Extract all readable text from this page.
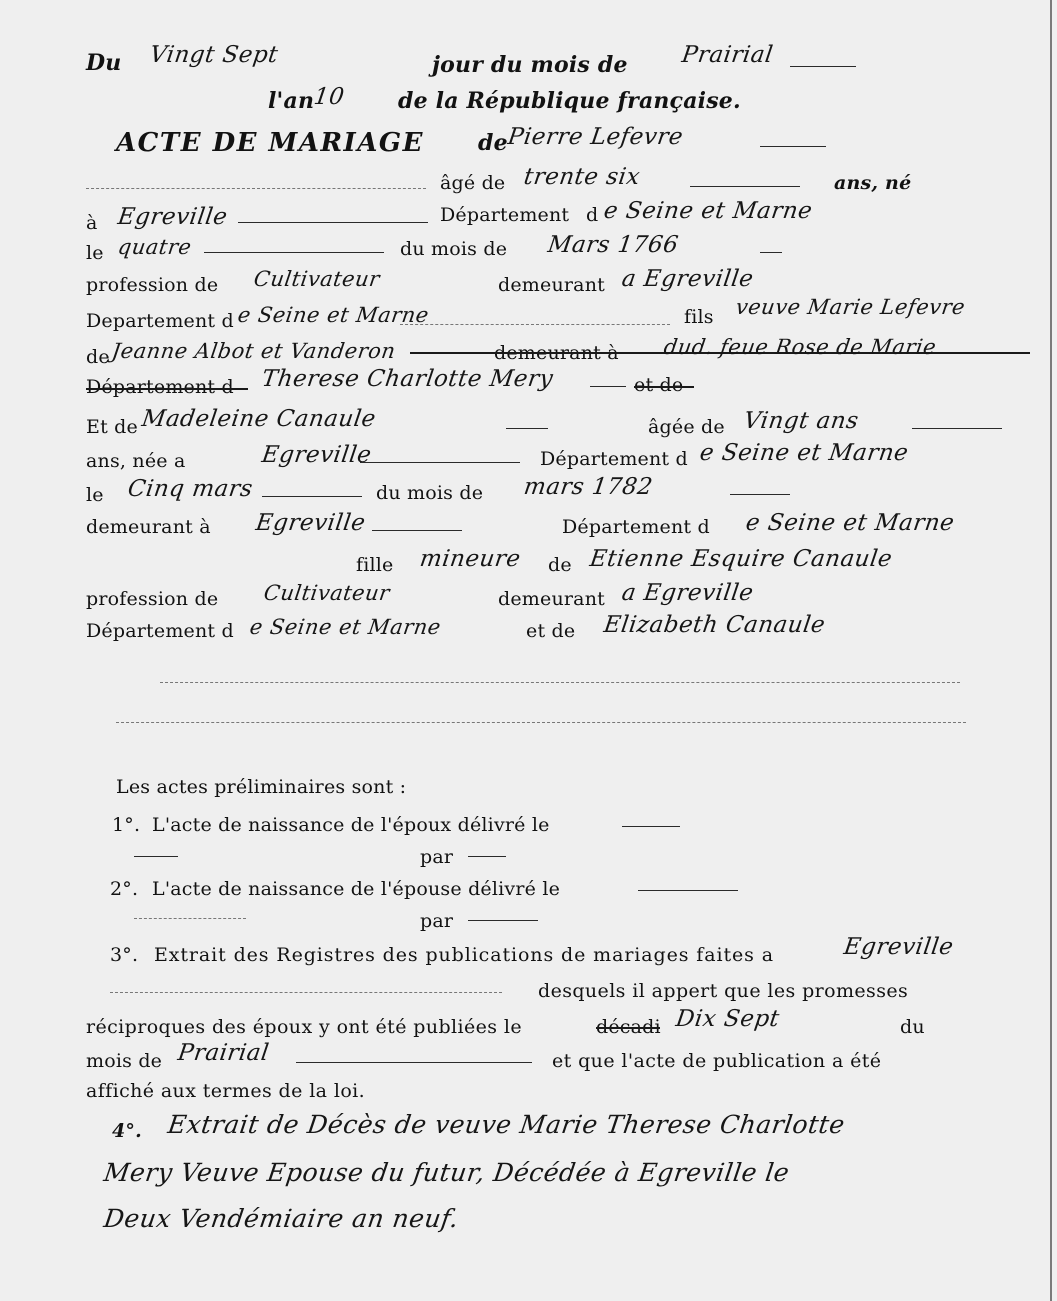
Du Vingt Sept	jour du mois de Prairial
l'an
10 de la République française.
ACTE DE MARIAGE de
Pierre Lefevre
âgé de trente six	ans, né
à Egreville	Département d e Seine et Marne
le quatre	du mois de Mars 1766
profession de Cultivateur	demeurant a Egreville
Departement d e Seine et Marne	fils veuve Marie Lefevre
de Jeanne Albot et Vanderon	demeurant à dud. feue Rose de Marie
Département d Therese Charlotte Mery	et de
Et de Madeleine Canaule	âgée de Vingt ans
ans, née a	Egreville	Département d e Seine et Marne
le Cinq mars	du mois de mars 1782
demeurant à Egreville	Département d e Seine et Marne
fille mineure de Etienne Esquire Canaule
profession de Cultivateur	demeurant a Egreville
Département d e Seine et Marne	et de Elizabeth Canaule
Les actes préliminaires sont :
1°. L'acte de naissance de l'époux délivré le
par
2°. L'acte de naissance de l'épouse délivré le
par
3°. Extrait des Registres des publications de mariages faites a	Egreville
desquels il appert que les promesses
réciproques des époux y ont été publiées le	décadi Dix Sept	du
mois de Prairial	et que l'acte de publication a été
affiché aux termes de la loi.
4°. Extrait de Décès de veuve Marie Therese Charlotte
Mery Veuve Epouse du futur, Décédée à Egreville le
Deux Vendémiaire an neuf.
